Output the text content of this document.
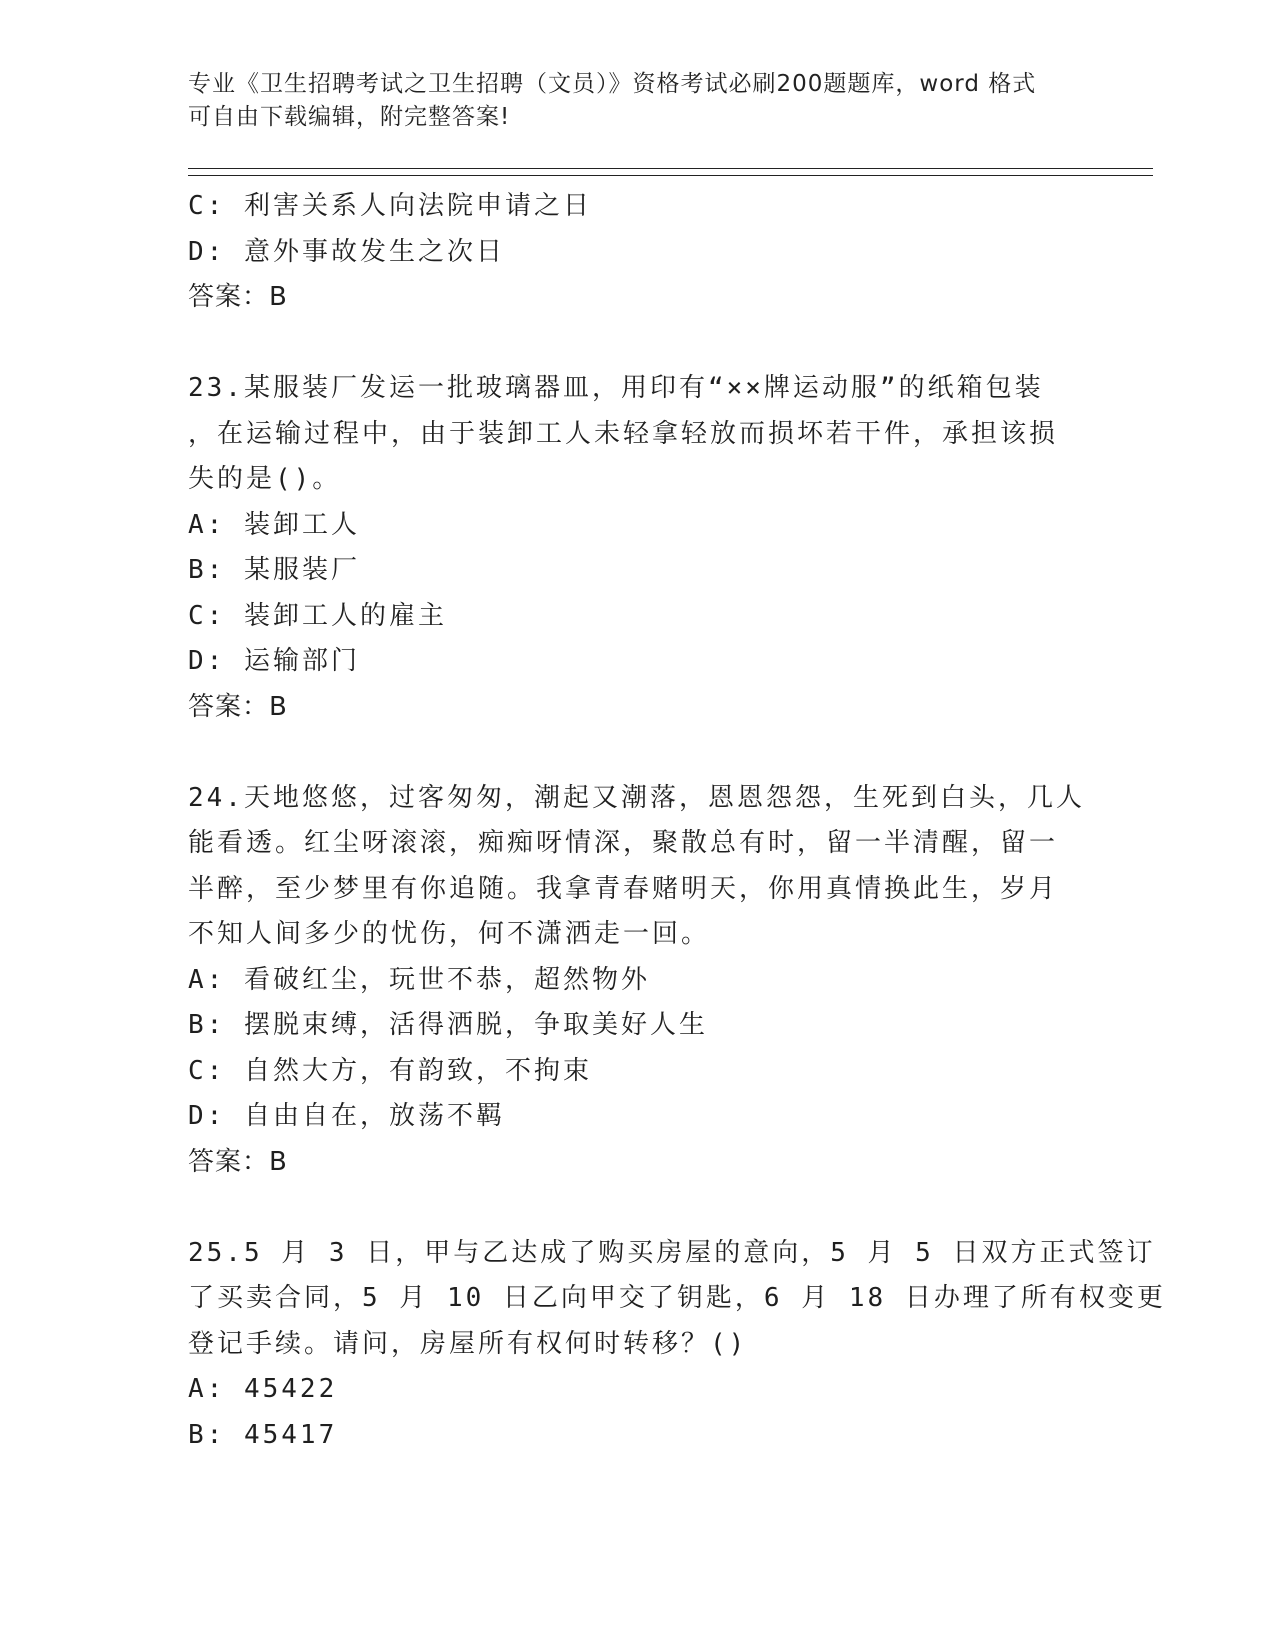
专业《卫生招聘考试之卫生招聘（文员）》资格考试必刷200题题库，word 格式
可自由下载编辑，附完整答案!
C: 利害关系人向法院申请之日
D: 意外事故发生之次日
答案：B
23.某服装厂发运一批玻璃器皿，用印有“××牌运动服”的纸箱包装
，在运输过程中，由于装卸工人未轻拿轻放而损坏若干件，承担该损
失的是()。
A: 装卸工人
B: 某服装厂
C: 装卸工人的雇主
D: 运输部门
答案：B
24.天地悠悠，过客匆匆，潮起又潮落，恩恩怨怨，生死到白头，几人
能看透。红尘呀滚滚，痴痴呀情深，聚散总有时，留一半清醒，留一
半醉，至少梦里有你追随。我拿青春赌明天，你用真情换此生，岁月
不知人间多少的忧伤，何不潇洒走一回。
A: 看破红尘，玩世不恭，超然物外
B: 摆脱束缚，活得洒脱，争取美好人生
C: 自然大方，有韵致，不拘束
D: 自由自在，放荡不羁
答案：B
25.5 月 3 日，甲与乙达成了购买房屋的意向，5 月 5 日双方正式签订
了买卖合同，5 月 10 日乙向甲交了钥匙，6 月 18 日办理了所有权变更
登记手续。请问，房屋所有权何时转移？()
A: 45422
B: 45417
